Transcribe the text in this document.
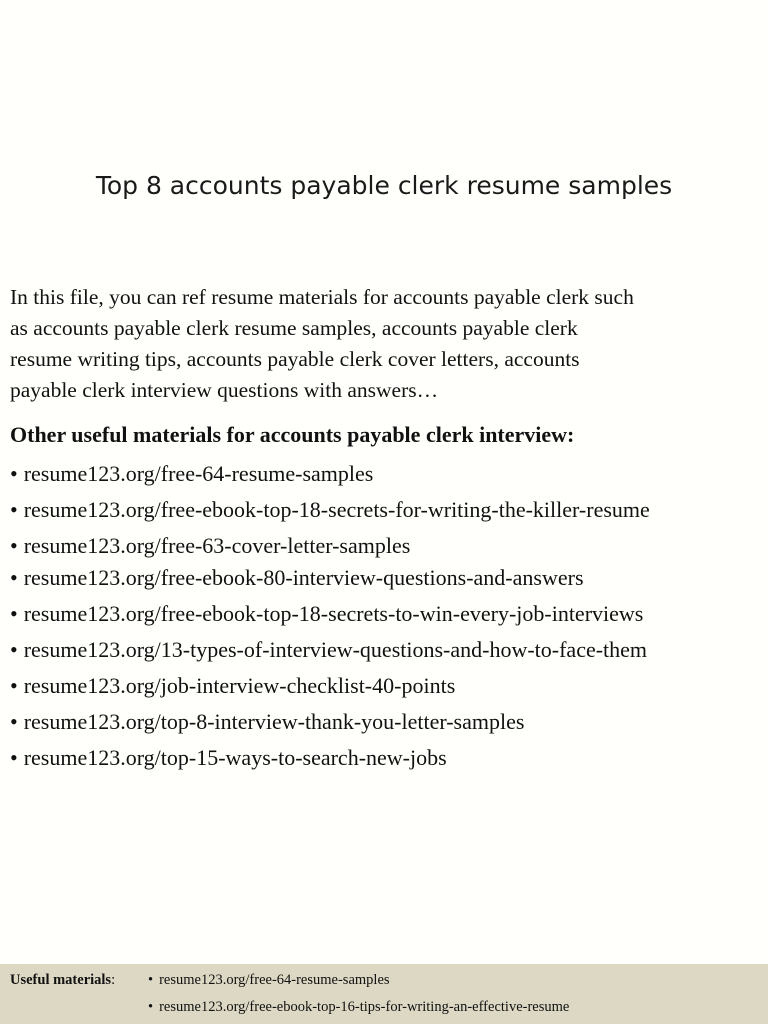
Top 8 accounts payable clerk resume samples

In this file, you can ref resume materials for accounts payable clerk such
as accounts payable clerk resume samples, accounts payable clerk
resume writing tips, accounts payable clerk cover letters, accounts
payable clerk interview questions with answers…

Other useful materials for accounts payable clerk interview:
• resume123.org/free-64-resume-samples
• resume123.org/free-ebook-top-18-secrets-for-writing-the-killer-resume
• resume123.org/free-63-cover-letter-samples
• resume123.org/free-ebook-80-interview-questions-and-answers
• resume123.org/free-ebook-top-18-secrets-to-win-every-job-interviews
• resume123.org/13-types-of-interview-questions-and-how-to-face-them
• resume123.org/job-interview-checklist-40-points
• resume123.org/top-8-interview-thank-you-letter-samples
• resume123.org/top-15-ways-to-search-new-jobs
Useful materials: • resume123.org/free-64-resume-samples
• resume123.org/free-ebook-top-16-tips-for-writing-an-effective-resume
